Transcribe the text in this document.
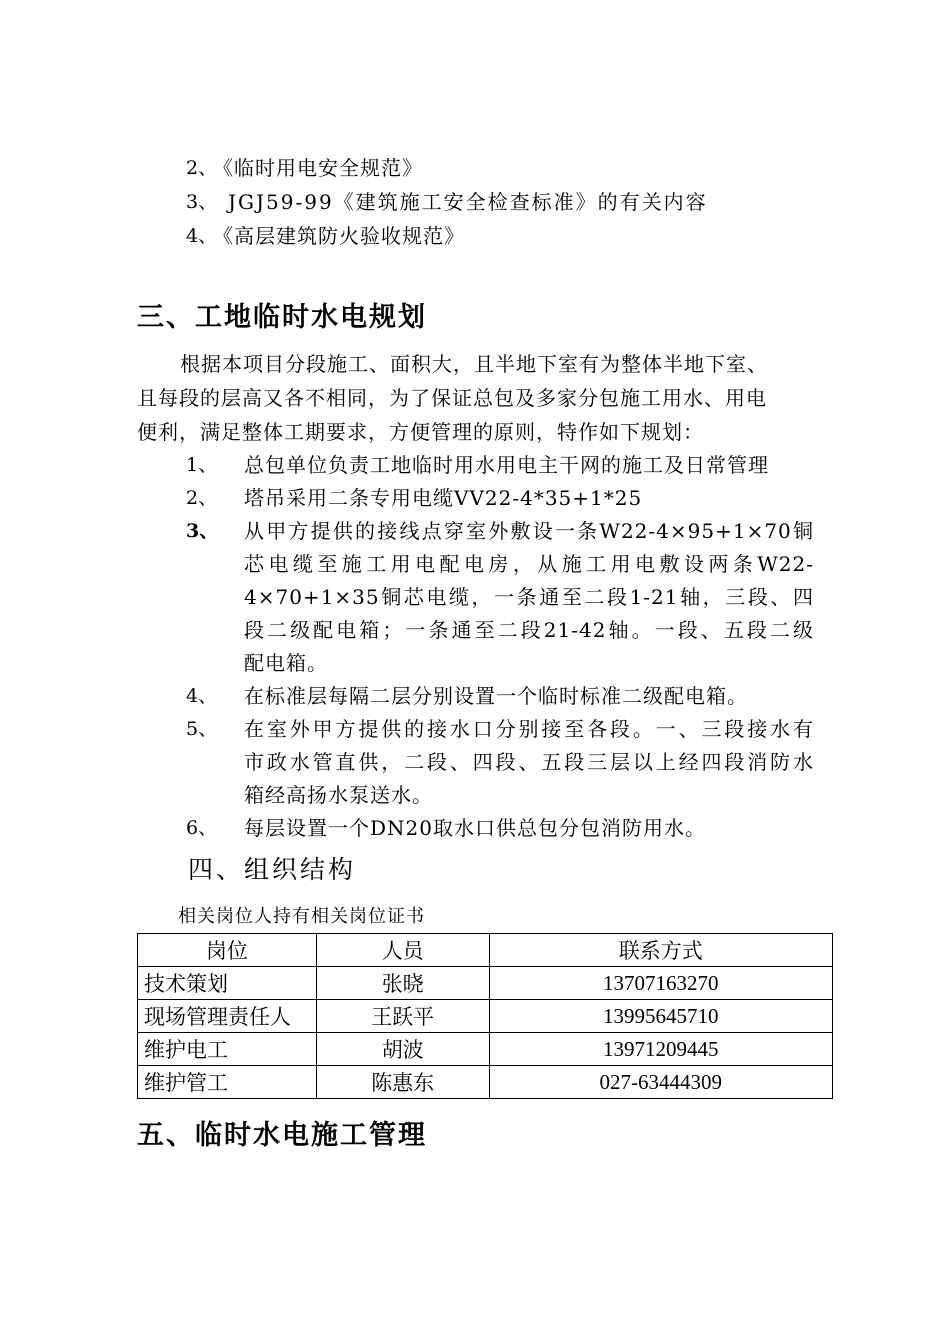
2、
《临时用电安全规范》
3、 JGJ59-99《建筑施工安全检查标准》的有关内容
4、
《高层建筑防火验收规范》
三、工地临时水电规划
根据本项目分段施工、面积大，且半地下室有为整体半地下室、
且每段的层高又各不相同，为了保证总包及多家分包施工用水、用电
便利，满足整体工期要求，方便管理的原则，特作如下规划：
1、 总包单位负责工地临时用水用电主干网的施工及日常管理
2、 塔吊采用二条专用电缆VV22-4*35+1*25
3、 从甲方提供的接线点穿室外敷设一条W22-4×95+1×70铜
芯电缆至施工用电配电房，从施工用电敷设两条W22-
4×70+1×35铜芯电缆，一条通至二段1-21轴，三段、四
段二级配电箱；一条通至二段21-42轴。一段、五段二级
配电箱。
4、 在标准层每隔二层分别设置一个临时标准二级配电箱。
5、 在室外甲方提供的接水口分别接至各段。一、三段接水有
市政水管直供，二段、四段、五段三层以上经四段消防水
箱经高扬水泵送水。
6、 每层设置一个DN20取水口供总包分包消防用水。
四、组织结构
相关岗位人持有相关岗位证书
岗位	人员	联系方式
技术策划	张晓	13707163270
现场管理责任人	王跃平	13995645710
维护电工	胡波	13971209445
维护管工	陈惠东	027-63444309
五、临时水电施工管理
